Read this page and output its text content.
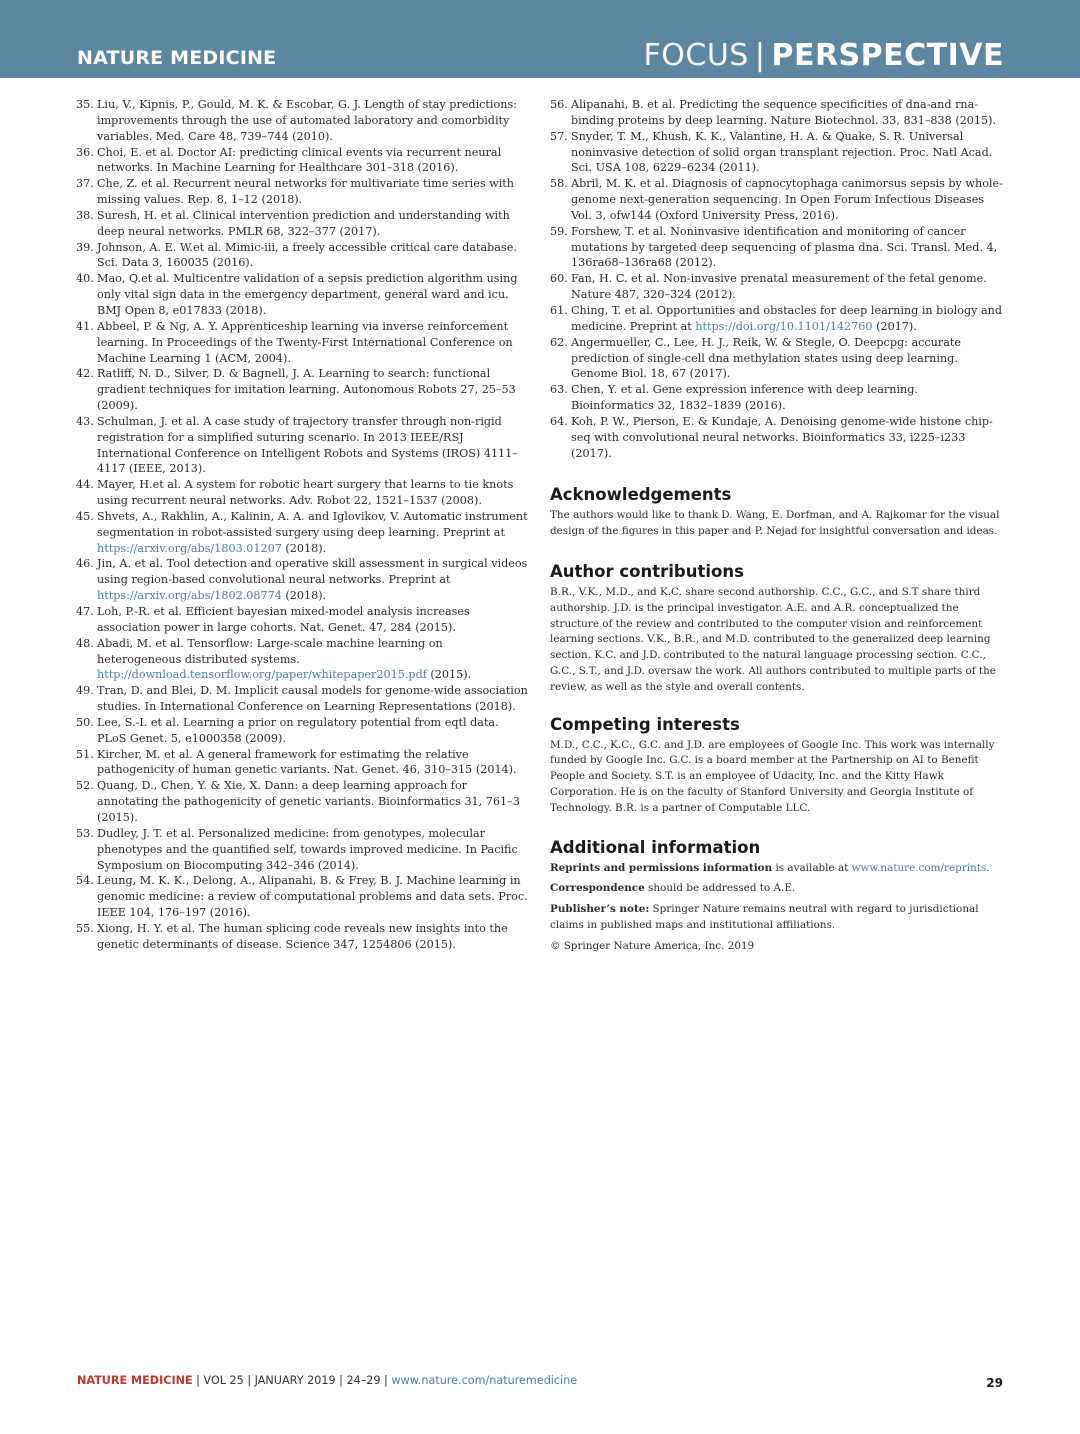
NATURE MEDICINE	FOCUS | PERSPECTIVE
35. Liu, V., Kipnis, P., Gould, M. K. & Escobar, G. J. Length of stay predictions: improvements through the use of automated laboratory and comorbidity variables. Med. Care 48, 739–744 (2010).
36. Choi, E. et al. Doctor AI: predicting clinical events via recurrent neural networks. In Machine Learning for Healthcare 301–318 (2016).
37. Che, Z. et al. Recurrent neural networks for multivariate time series with missing values. Rep. 8, 1–12 (2018).
38. Suresh, H. et al. Clinical intervention prediction and understanding with deep neural networks. PMLR 68, 322–377 (2017).
39. Johnson, A. E. W.et al. Mimic-iii, a freely accessible critical care database. Sci. Data 3, 160035 (2016).
40. Mao, Q.et al. Multicentre validation of a sepsis prediction algorithm using only vital sign data in the emergency department, general ward and icu. BMJ Open 8, e017833 (2018).
41. Abbeel, P. & Ng, A. Y. Apprenticeship learning via inverse reinforcement learning. In Proceedings of the Twenty-First International Conference on Machine Learning 1 (ACM, 2004).
42. Ratliff, N. D., Silver, D. & Bagnell, J. A. Learning to search: functional gradient techniques for imitation learning. Autonomous Robots 27, 25–53 (2009).
43. Schulman, J. et al. A case study of trajectory transfer through non-rigid registration for a simplified suturing scenario. In 2013 IEEE/RSJ International Conference on Intelligent Robots and Systems (IROS) 4111–4117 (IEEE, 2013).
44. Mayer, H.et al. A system for robotic heart surgery that learns to tie knots using recurrent neural networks. Adv. Robot 22, 1521–1537 (2008).
45. Shvets, A., Rakhlin, A., Kalinin, A. A. and Iglovikov, V. Automatic instrument segmentation in robot-assisted surgery using deep learning. Preprint at https://arxiv.org/abs/1803.01207 (2018).
46. Jin, A. et al. Tool detection and operative skill assessment in surgical videos using region-based convolutional neural networks. Preprint at https://arxiv.org/abs/1802.08774 (2018).
47. Loh, P.-R. et al. Efficient bayesian mixed-model analysis increases association power in large cohorts. Nat. Genet. 47, 284 (2015).
48. Abadi, M. et al. Tensorflow: Large-scale machine learning on heterogeneous distributed systems. http://download.tensorflow.org/paper/whitepaper2015.pdf (2015).
49. Tran, D. and Blei, D. M. Implicit causal models for genome-wide association studies. In International Conference on Learning Representations (2018).
50. Lee, S.-I. et al. Learning a prior on regulatory potential from eqtl data. PLoS Genet. 5, e1000358 (2009).
51. Kircher, M. et al. A general framework for estimating the relative pathogenicity of human genetic variants. Nat. Genet. 46, 310–315 (2014).
52. Quang, D., Chen, Y. & Xie, X. Dann: a deep learning approach for annotating the pathogenicity of genetic variants. Bioinformatics 31, 761–3 (2015).
53. Dudley, J. T. et al. Personalized medicine: from genotypes, molecular phenotypes and the quantified self, towards improved medicine. In Pacific Symposium on Biocomputing 342–346 (2014).
54. Leung, M. K. K., Delong, A., Alipanahi, B. & Frey, B. J. Machine learning in genomic medicine: a review of computational problems and data sets. Proc. IEEE 104, 176–197 (2016).
55. Xiong, H. Y. et al. The human splicing code reveals new insights into the genetic determinants of disease. Science 347, 1254806 (2015).
56. Alipanahi, B. et al. Predicting the sequence specificities of dna-and rna-binding proteins by deep learning. Nature Biotechnol. 33, 831–838 (2015).
57. Snyder, T. M., Khush, K. K., Valantine, H. A. & Quake, S. R. Universal noninvasive detection of solid organ transplant rejection. Proc. Natl Acad. Sci. USA 108, 6229–6234 (2011).
58. Abril, M. K. et al. Diagnosis of capnocytophaga canimorsus sepsis by whole-genome next-generation sequencing. In Open Forum Infectious Diseases Vol. 3, ofw144 (Oxford University Press, 2016).
59. Forshew, T. et al. Noninvasive identification and monitoring of cancer mutations by targeted deep sequencing of plasma dna. Sci. Transl. Med. 4, 136ra68–136ra68 (2012).
60. Fan, H. C. et al. Non-invasive prenatal measurement of the fetal genome. Nature 487, 320–324 (2012).
61. Ching, T. et al. Opportunities and obstacles for deep learning in biology and medicine. Preprint at https://doi.org/10.1101/142760 (2017).
62. Angermueller, C., Lee, H. J., Reik, W. & Stegle, O. Deepcpg: accurate prediction of single-cell dna methylation states using deep learning. Genome Biol. 18, 67 (2017).
63. Chen, Y. et al. Gene expression inference with deep learning. Bioinformatics 32, 1832–1839 (2016).
64. Koh, P. W., Pierson, E. & Kundaje, A. Denoising genome-wide histone chip-seq with convolutional neural networks. Bioinformatics 33, i225–i233 (2017).
Acknowledgements

The authors would like to thank D. Wang, E. Dorfman, and A. Rajkomar for the visual design of the figures in this paper and P. Nejad for insightful conversation and ideas.

Author contributions

B.R., V.K., M.D., and K.C. share second authorship. C.C., G.C., and S.T share third authorship. J.D. is the principal investigator. A.E. and A.R. conceptualized the structure of the review and contributed to the computer vision and reinforcement learning sections. V.K., B.R., and M.D. contributed to the generalized deep learning section. K.C. and J.D. contributed to the natural language processing section. C.C., G.C., S.T., and J.D. oversaw the work. All authors contributed to multiple parts of the review, as well as the style and overall contents.

Competing interests

M.D., C.C., K.C., G.C. and J.D. are employees of Google Inc. This work was internally funded by Google Inc. G.C. is a board member at the Partnership on AI to Benefit People and Society. S.T. is an employee of Udacity, Inc. and the Kitty Hawk Corporation. He is on the faculty of Stanford University and Georgia Institute of Technology. B.R. is a partner of Computable LLC.

Additional information

Reprints and permissions information is available at www.nature.com/reprints.

Correspondence should be addressed to A.E.

Publisher’s note: Springer Nature remains neutral with regard to jurisdictional claims in published maps and institutional affiliations.

© Springer Nature America, Inc. 2019

NATURE MEDICINE | VOL 25 | JANUARY 2019 | 24–29 | www.nature.com/naturemedicine	29
